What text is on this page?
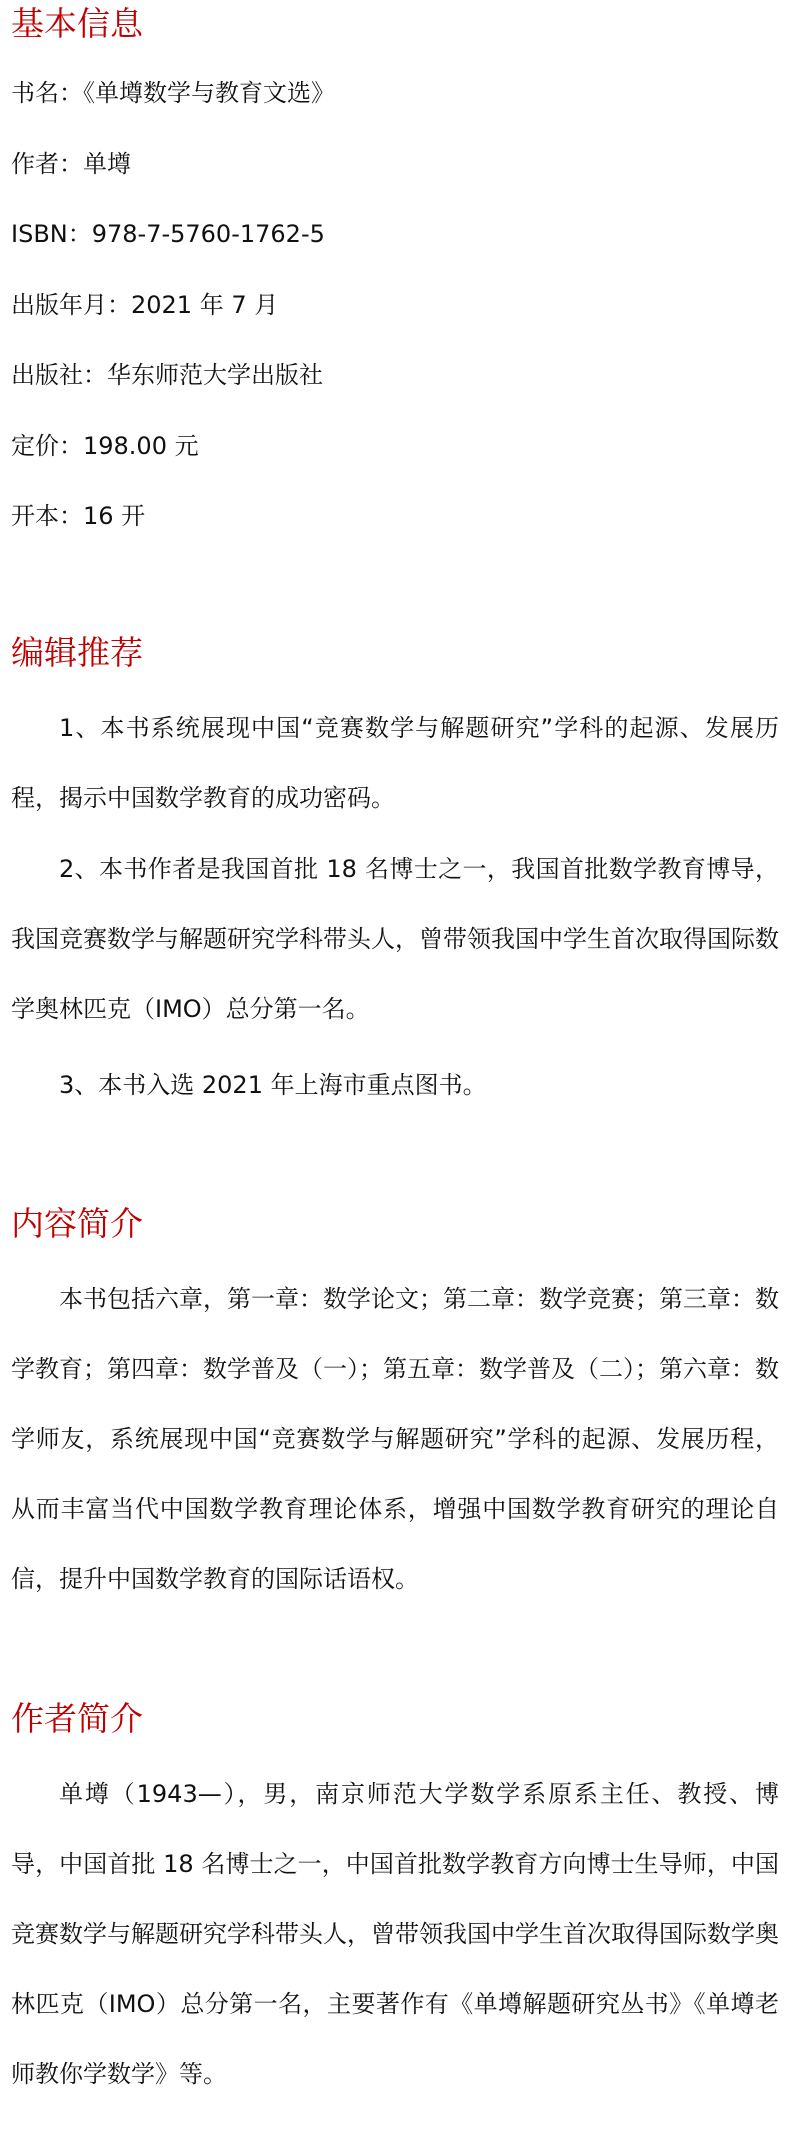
基本信息

书名：《单墫数学与教育文选》

作者：单墫

ISBN：978-7-5760-1762-5

出版年月：2021 年 7 月

出版社：华东师范大学出版社

定价：198.00 元

开本：16 开

编辑推荐

1、本书系统展现中国“竞赛数学与解题研究”学科的起源、发展历程，揭示中国数学教育的成功密码。

2、本书作者是我国首批 18 名博士之一，我国首批数学教育博导，我国竞赛数学与解题研究学科带头人，曾带领我国中学生首次取得国际数学奥林匹克（IMO）总分第一名。

3、本书入选 2021 年上海市重点图书。

内容简介

本书包括六章，第一章：数学论文；第二章：数学竞赛；第三章：数学教育；第四章：数学普及（一）；第五章：数学普及（二）；第六章：数学师友，系统展现中国“竞赛数学与解题研究”学科的起源、发展历程，从而丰富当代中国数学教育理论体系，增强中国数学教育研究的理论自信，提升中国数学教育的国际话语权。

作者简介

单墫（1943—），男，南京师范大学数学系原系主任、教授、博导，中国首批 18 名博士之一，中国首批数学教育方向博士生导师，中国竞赛数学与解题研究学科带头人，曾带领我国中学生首次取得国际数学奥林匹克（IMO）总分第一名，主要著作有《单墫解题研究丛书》《单墫老师教你学数学》等。
